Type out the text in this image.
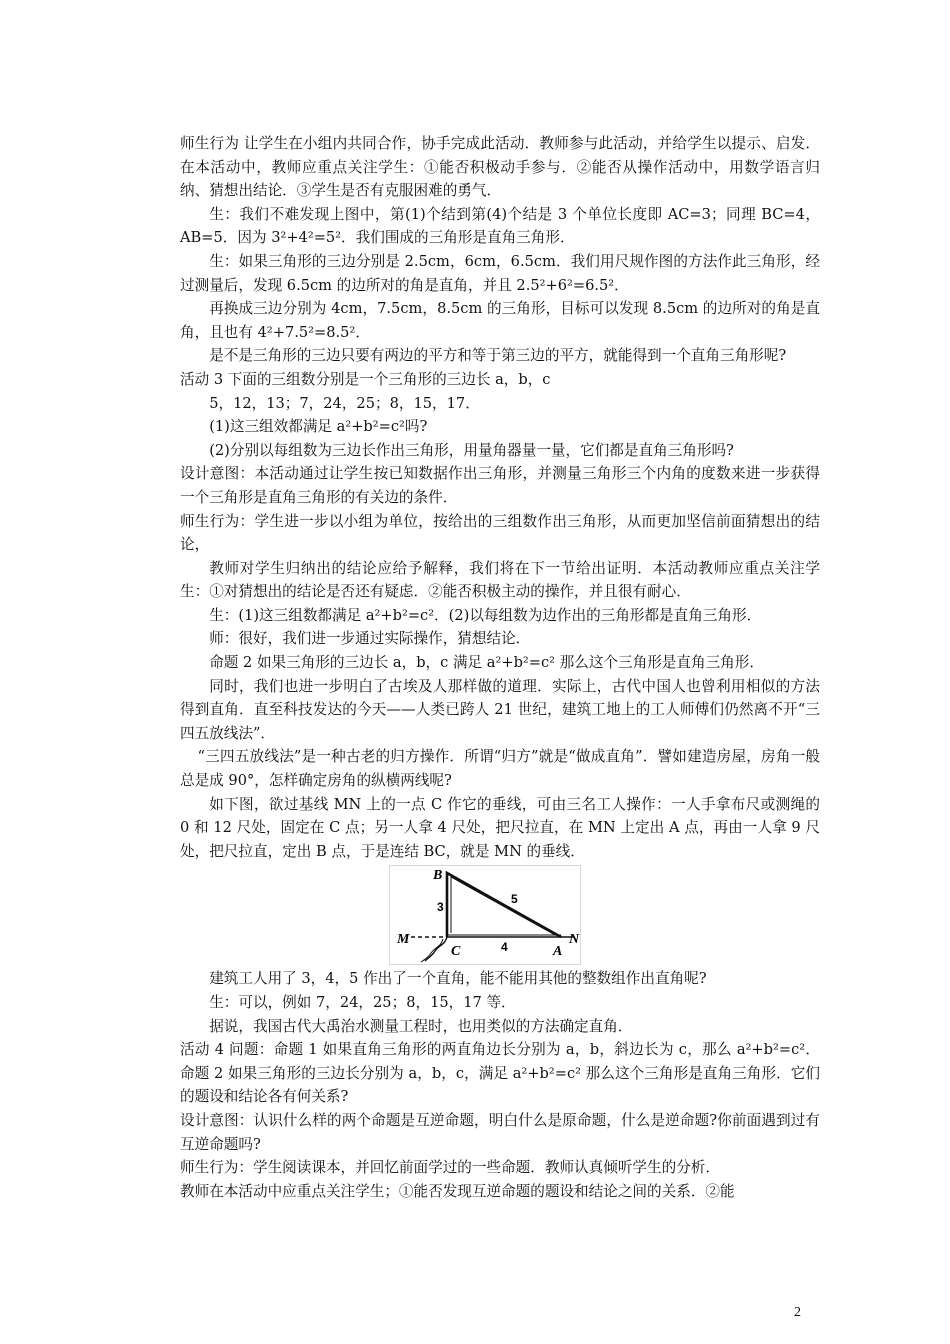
师生行为 让学生在小组内共同合作，协手完成此活动．教师参与此活动，并给学生以提示、启发．在本活动中，教师应重点关注学生：①能否积极动手参与．②能否从操作活动中，用数学语言归纳、猜想出结论．③学生是否有克服困难的勇气．

生：我们不难发现上图中，第(1)个结到第(4)个结是 3 个单位长度即 AC=3；同理 BC=4，AB=5．因为 3²+4²=5²．我们围成的三角形是直角三角形．

生：如果三角形的三边分别是 2.5cm，6cm，6.5cm．我们用尺规作图的方法作此三角形，经过测量后，发现 6.5cm 的边所对的角是直角，并且 2.5²+6²=6.5²．

再换成三边分别为 4cm，7.5cm，8.5cm 的三角形，目标可以发现 8.5cm 的边所对的角是直角，且也有 4²+7.5²=8.5²．

是不是三角形的三边只要有两边的平方和等于第三边的平方，就能得到一个直角三角形呢?

活动 3 下面的三组数分别是一个三角形的三边长 a，b，c

5，12，13；7，24，25；8，15，17．

(1)这三组效都满足 a²+b²=c²吗?

(2)分别以每组数为三边长作出三角形，用量角器量一量，它们都是直角三角形吗?

设计意图：本活动通过让学生按已知数据作出三角形，并测量三角形三个内角的度数来进一步获得一个三角形是直角三角形的有关边的条件．

师生行为：学生进一步以小组为单位，按给出的三组数作出三角形，从而更加坚信前面猜想出的结论，

教师对学生归纳出的结论应给予解释，我们将在下一节给出证明．本活动教师应重点关注学生：①对猜想出的结论是否还有疑虑．②能否积极主动的操作，并且很有耐心．

生：(1)这三组数都满足 a²+b²=c²．(2)以每组数为边作出的三角形都是直角三角形．

师：很好，我们进一步通过实际操作，猜想结论．

命题 2 如果三角形的三边长 a，b，c 满足 a²+b²=c² 那么这个三角形是直角三角形．

同时，我们也进一步明白了古埃及人那样做的道理．实际上，古代中国人也曾利用相似的方法得到直角．直至科技发达的今天——人类已跨人 21 世纪，建筑工地上的工人师傅们仍然离不开“三四五放线法”．

“三四五放线法”是一种古老的归方操作．所谓“归方”就是“做成直角”．譬如建造房屋，房角一般总是成 90°，怎样确定房角的纵横两线呢?

如下图，欲过基线 MN 上的一点 C 作它的垂线，可由三名工人操作：一人手拿布尺或测绳的 0 和 12 尺处，固定在 C 点；另一人拿 4 尺处，把尺拉直，在 MN 上定出 A 点，再由一人拿 9 尺处，把尺拉直，定出 B 点，于是连结 BC，就是 MN 的垂线．

B
C	A
M	N
3
5
4

建筑工人用了 3，4，5 作出了一个直角，能不能用其他的整数组作出直角呢?

生：可以，例如 7，24，25；8，15，17 等．

据说，我国古代大禹治水测量工程时，也用类似的方法确定直角．

活动 4 问题：命题 1 如果直角三角形的两直角边长分别为 a，b，斜边长为 c，那么 a²+b²=c²．命题 2 如果三角形的三边长分别为 a，b，c，满足 a²+b²=c² 那么这个三角形是直角三角形．它们的题设和结论各有何关系?

设计意图：认识什么样的两个命题是互逆命题，明白什么是原命题，什么是逆命题?你前面遇到过有互逆命题吗?

师生行为：学生阅读课本，并回忆前面学过的一些命题．教师认真倾听学生的分析．

教师在本活动中应重点关注学生；①能否发现互逆命题的题设和结论之间的关系．②能

2
